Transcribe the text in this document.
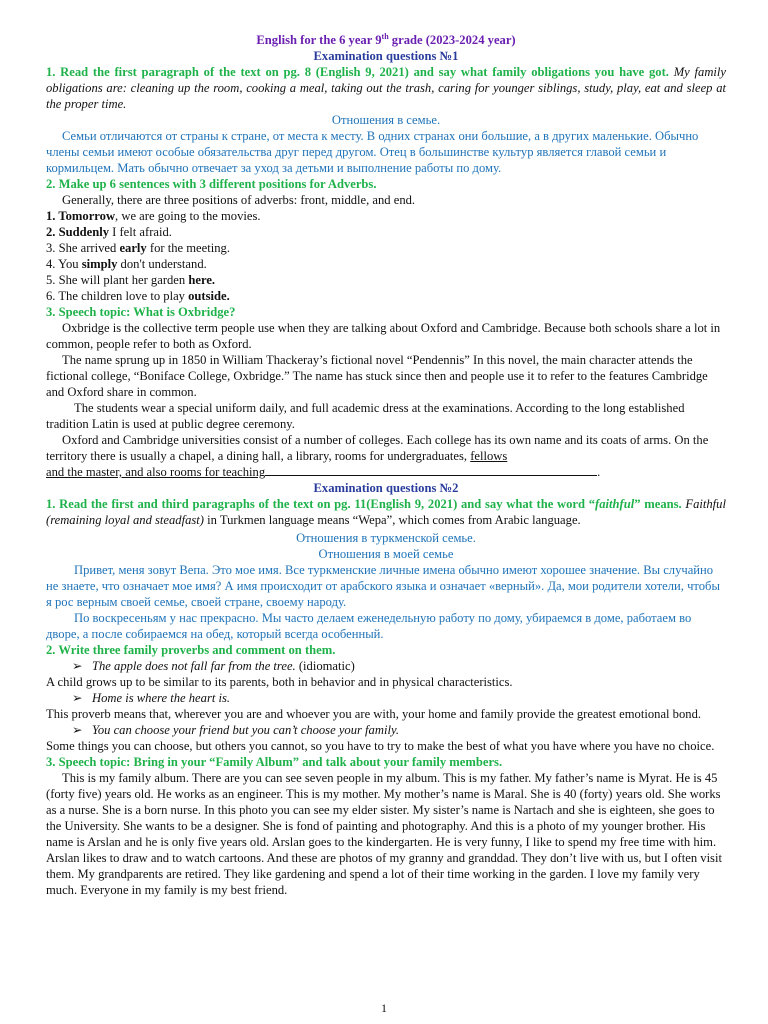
English for the 6 year 9th grade (2023-2024 year)

Examination questions №1

1. Read the first paragraph of the text on pg. 8 (English 9, 2021) and say what family obligations you have got. My family obligations are: cleaning up the room, cooking a meal, taking out the trash, caring for younger siblings, study, play, eat and sleep at the proper time.

Отношения в семье.

Семьи отличаются от страны к стране, от места к месту. В одних странах они большие, а в других маленькие. Обычно члены семьи имеют особые обязательства друг перед другом. Отец в большинстве культур является главой семьи и кормильцем. Мать обычно отвечает за уход за детьми и выполнение работы по дому.

2. Make up 6 sentences with 3 different positions for Adverbs.

Generally, there are three positions of adverbs: front, middle, and end.

1. Tomorrow, we are going to the movies.

2. Suddenly I felt afraid.

3. She arrived early for the meeting.

4. You simply don't understand.

5. She will plant her garden here.

6. The children love to play outside.

3. Speech topic: What is Oxbridge?

Oxbridge is the collective term people use when they are talking about Oxford and Cambridge. Because both schools share a lot in common, people refer to both as Oxford.

The name sprung up in 1850 in William Thackeray’s fictional novel “Pendennis” In this novel, the main character attends the fictional college, “Boniface College, Oxbridge.” The name has stuck since then and people use it to refer to the features Cambridge and Oxford share in common.

The students wear a special uniform daily, and full academic dress at the examinations. According to the long established tradition Latin is used at public degree ceremony.

Oxford and Cambridge universities consist of a number of colleges. Each college has its own name and its coats of arms. On the territory there is usually a chapel, a dining hall, a library, rooms for undergraduates, fellows
and the master, and also rooms for teaching	.

Examination questions №2

1. Read the first and third paragraphs of the text on pg. 11(English 9, 2021) and say what the word “faithful” means. Faithful (remaining loyal and steadfast) in Turkmen language means “Wepa”, which comes from Arabic language.

Отношения в туркменской семье.

Отношения в моей семье

Привет, меня зовут Вепа. Это мое имя. Все туркменские личные имена обычно имеют хорошее значение. Вы случайно не знаете, что означает мое имя? А имя происходит от арабского языка и означает «верный». Да, мои родители хотели, чтобы я рос верным своей семье, своей стране, своему народу.

По воскресеньям у нас прекрасно. Мы часто делаем еженедельную работу по дому, убираемся в доме, работаем во дворе, а после собираемся на обед, который всегда особенный.

2. Write three family proverbs and comment on them.

➢ The apple does not fall far from the tree. (idiomatic)

A child grows up to be similar to its parents, both in behavior and in physical characteristics.

➢ Home is where the heart is.

This proverb means that, wherever you are and whoever you are with, your home and family provide the greatest emotional bond.

➢ You can choose your friend but you can’t choose your family.

Some things you can choose, but others you cannot, so you have to try to make the best of what you have where you have no choice.

3. Speech topic: Bring in your “Family Album” and talk about your family members.

This is my family album. There are you can see seven people in my album. This is my father. My father’s name is Myrat. He is 45 (forty five) years old. He works as an engineer. This is my mother. My mother’s name is Maral. She is 40 (forty) years old. She works as a nurse. She is a born nurse. In this photo you can see my elder sister. My sister’s name is Nartach and she is eighteen, she goes to the University. She wants to be a designer. She is fond of painting and photography. And this is a photo of my younger brother. His name is Arslan and he is only five years old. Arslan goes to the kindergarten. He is very funny, I like to spend my free time with him. Arslan likes to draw and to watch cartoons. And these are photos of my granny and granddad. They don’t live with us, but I often visit them. My grandparents are retired. They like gardening and spend a lot of their time working in the garden. I love my family very much. Everyone in my family is my best friend.

1
